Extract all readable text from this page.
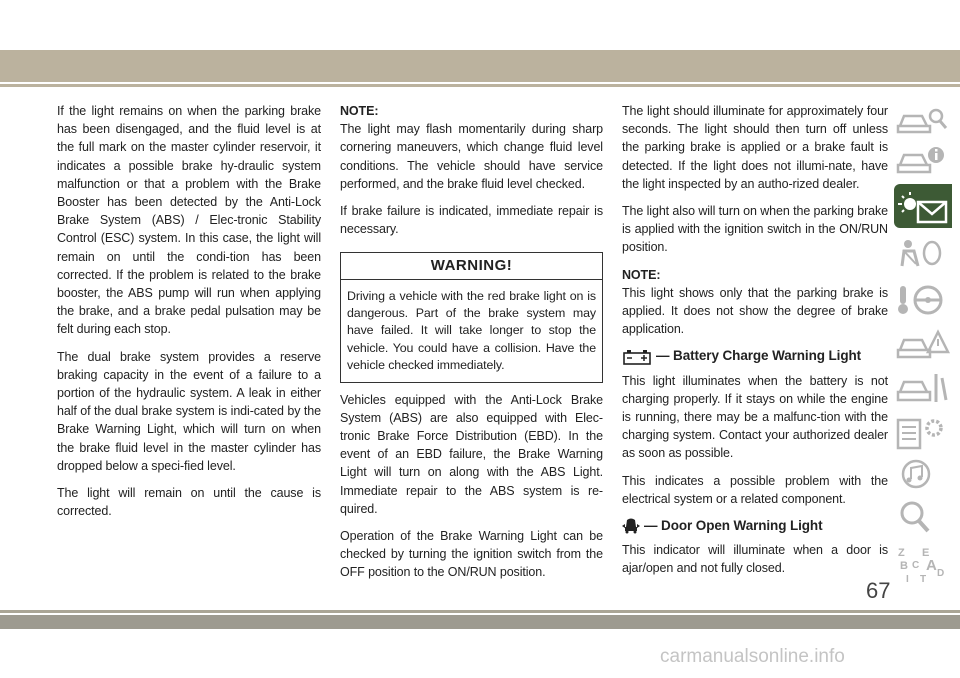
If the light remains on when the parking brake has been disengaged, and the fluid level is at the full mark on the master cylinder reservoir, it indicates a possible brake hy-draulic system malfunction or that a problem with the Brake Booster has been detected by the Anti-Lock Brake System (ABS) / Elec-tronic Stability Control (ESC) system. In this case, the light will remain on until the condi-tion has been corrected. If the problem is related to the brake booster, the ABS pump will run when applying the brake, and a brake pedal pulsation may be felt during each stop.

The dual brake system provides a reserve braking capacity in the event of a failure to a portion of the hydraulic system. A leak in either half of the dual brake system is indi-cated by the Brake Warning Light, which will turn on when the brake fluid level in the master cylinder has dropped below a speci-fied level.

The light will remain on until the cause is corrected.

NOTE:

The light may flash momentarily during sharp cornering maneuvers, which change fluid level conditions. The vehicle should have service performed, and the brake fluid level checked.

If brake failure is indicated, immediate repair is necessary.

WARNING!
Driving a vehicle with the red brake light on is dangerous. Part of the brake system may have failed. It will take longer to stop the vehicle. You could have a collision. Have the vehicle checked immediately.

Vehicles equipped with the Anti-Lock Brake System (ABS) are also equipped with Elec-tronic Brake Force Distribution (EBD). In the event of an EBD failure, the Brake Warning Light will turn on along with the ABS Light. Immediate repair to the ABS system is re-quired.

Operation of the Brake Warning Light can be checked by turning the ignition switch from the OFF position to the ON/RUN position.

The light should illuminate for approximately four seconds. The light should then turn off unless the parking brake is applied or a brake fault is detected. If the light does not illumi-nate, have the light inspected by an autho-rized dealer.

The light also will turn on when the parking brake is applied with the ignition switch in the ON/RUN position.

NOTE:

This light shows only that the parking brake is applied. It does not show the degree of brake application.

— Battery Charge Warning Light

This light illuminates when the battery is not charging properly. If it stays on while the engine is running, there may be a malfunc-tion with the charging system. Contact your authorized dealer as soon as possible.

This indicates a possible problem with the electrical system or a related component.

— Door Open Warning Light

This indicator will illuminate when a door is ajar/open and not fully closed.

Z E
B A
C
D
T
I
67
carmanualsonline.info
